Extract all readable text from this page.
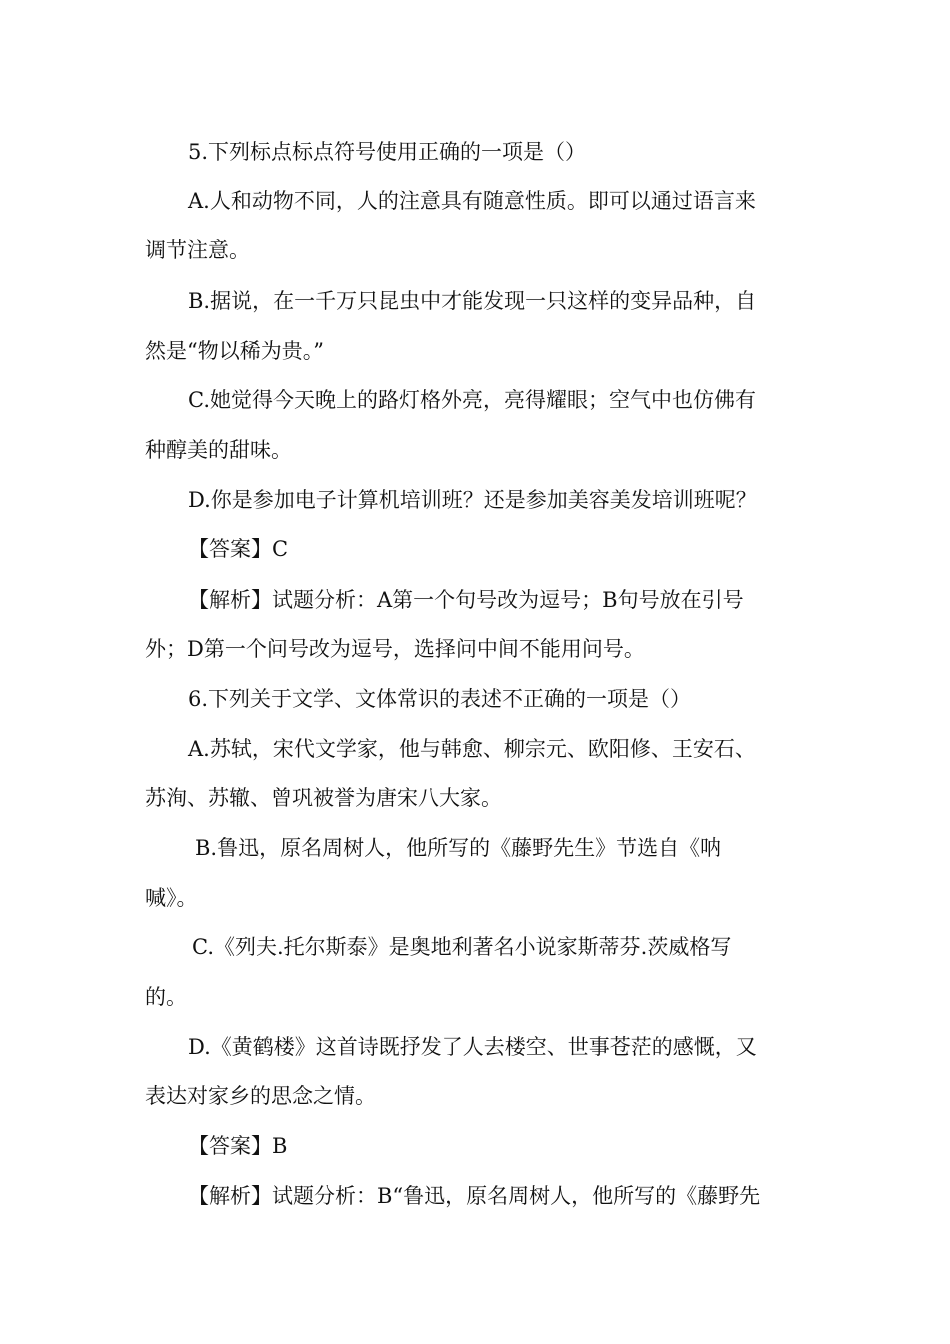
5.下列标点标点符号使用正确的一项是（）
A.人和动物不同，人的注意具有随意性质。即可以通过语言来
调节注意。
B.据说，在一千万只昆虫中才能发现一只这样的变异品种，自
然是“物以稀为贵。”
C.她觉得今天晚上的路灯格外亮，亮得耀眼；空气中也仿佛有
种醇美的甜味。
D.你是参加电子计算机培训班？还是参加美容美发培训班呢？
【答案】C
【解析】试题分析：A第一个句号改为逗号；B句号放在引号
外；D第一个问号改为逗号，选择问中间不能用问号。
6.下列关于文学、文体常识的表述不正确的一项是（）
A.苏轼，宋代文学家，他与韩愈、柳宗元、欧阳修、王安石、
苏洵、苏辙、曾巩被誉为唐宋八大家。
B.鲁迅，原名周树人，他所写的《藤野先生》节选自《呐
喊》。
C.《列夫.托尔斯泰》是奥地利著名小说家斯蒂芬.茨威格写
的。
D.《黄鹤楼》这首诗既抒发了人去楼空、世事苍茫的感慨，又
表达对家乡的思念之情。
【答案】B
【解析】试题分析：B“鲁迅，原名周树人，他所写的《藤野先
